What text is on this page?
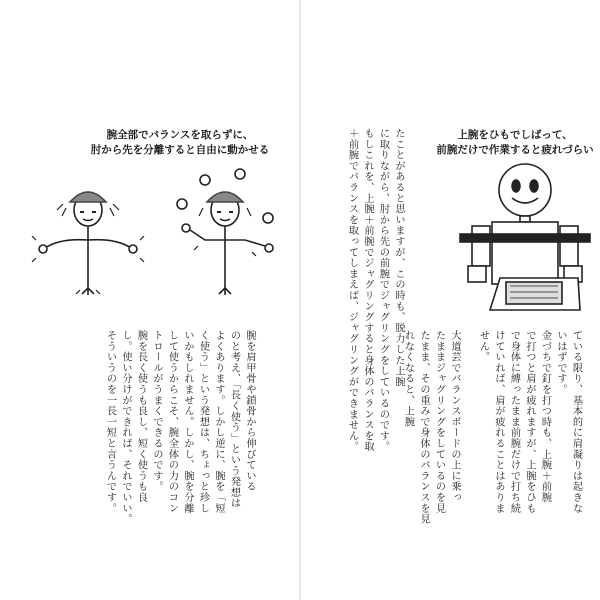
腕全部でバランスを取らずに、
肘から先を分離すると自由に動かせる

腕を肩甲骨や鎖骨から伸びている

のと考え、「長く使う」という発想は

よくあります。しかし逆に、腕を「短

く使う」という発想は、ちょっと珍し

いかもしれません。しかし、腕を分離

して使うからこそ、腕全体の力のコン

トロールがうまくできるのです。

腕を長く使うも良し、短く使うも良

し。使い分けができれば、それでいい。

そういうのを一長一短と言うんです。

たことがあると思いますが、この時も、脱力した上腕

に取りながら、肘から先の前腕でジャグリングをしているのです。

もしこれを、上腕＋前腕でジャグリングすると身体のバランスを取

＋前腕でバランスを取ってしまえば、ジャグリングができません。	上腕をひもでしばって、
前腕だけで作業すると疲れづらい

大道芸でバランスボードの上に乗っ

たままジャグリングをしているのを見

たまま、その重みで身体のバランスを見

れなくなると、上腕	ている限り、基本的に肩凝りは起きな

いはずです。

金づちで釘を打つ時も、上腕＋前腕

で打つと肩が疲れますが、上腕をひも

で身体に縛ったまま前腕だけで打ち続

けていれば、肩が疲れることはありま

せん。
